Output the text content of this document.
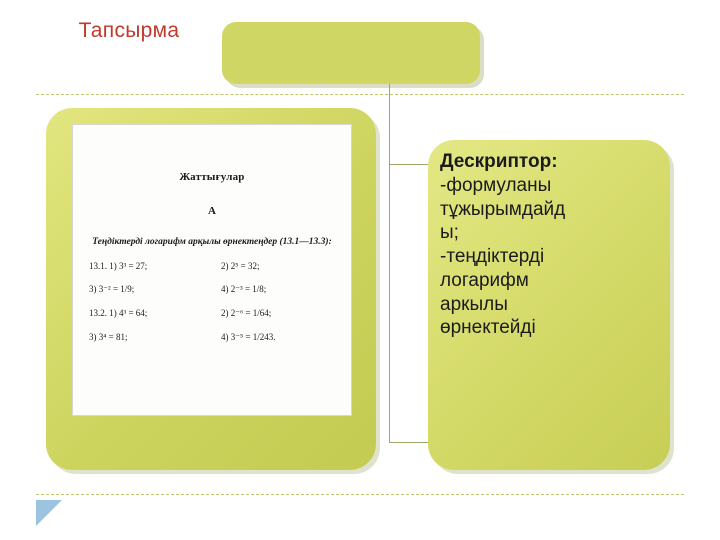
Тапсырма
Жаттығулар
А
Теңдіктерді логарифм арқылы өрнектеңдер (13.1—13.3):
13.1. 1) 3³ = 27;	2) 2⁵ = 32;
3) 3⁻² = 1/9;	4) 2⁻³ = 1/8;
13.2. 1) 4³ = 64;	2) 2⁻⁶ = 1/64;
3) 3⁴ = 81;	4) 3⁻⁵ = 1/243.
Дескриптор:
-формуланы
тұжырымдайд
ы;
-теңдіктерді
логарифм
аркылы
өрнектейді
